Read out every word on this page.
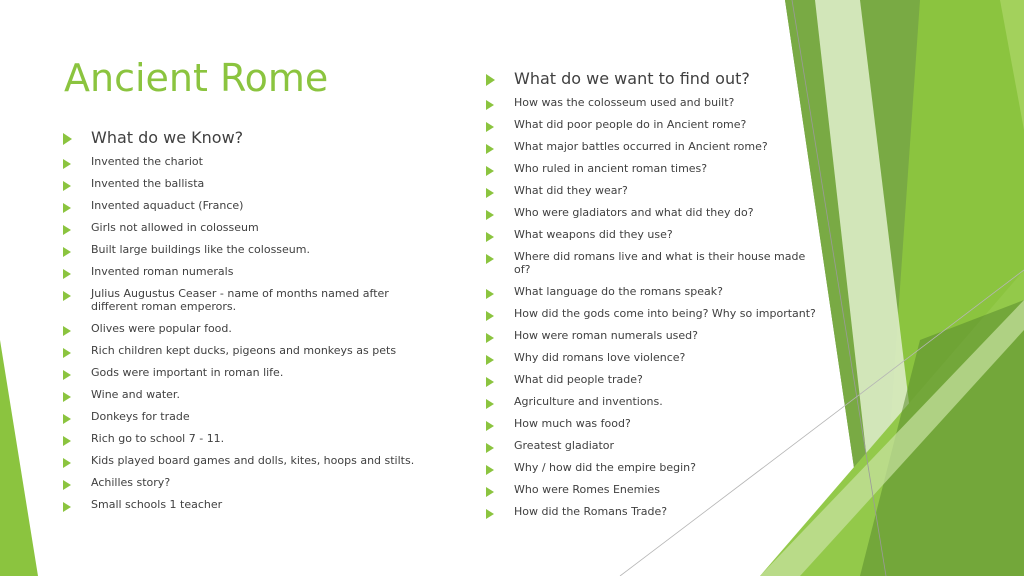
Ancient Rome
What do we Know?
Invented the chariot
Invented the ballista
Invented aquaduct (France)
Girls not allowed in colosseum
Built large buildings like the colosseum.
Invented roman numerals
Julius Augustus Ceaser - name of months named after different roman emperors.
Olives were popular food.
Rich children kept ducks, pigeons and monkeys as pets
Gods were important in roman life.
Wine and water.
Donkeys for trade
Rich go to school 7 - 11.
Kids played board games and dolls, kites, hoops and stilts.
Achilles story?
Small schools 1 teacher
What do we want to find out?
How was the colosseum used and built?
What did poor people do in Ancient rome?
What major battles occurred in Ancient rome?
Who ruled in ancient roman times?
What did they wear?
Who were gladiators and what did they do?
What weapons did they use?
Where did romans live and what is their house made of?
What language do the romans speak?
How did the gods come into being? Why so important?
How were roman numerals used?
Why did romans love violence?
What did people trade?
Agriculture and inventions.
How much was food?
Greatest gladiator
Why / how did the empire begin?
Who were Romes Enemies
How did the Romans Trade?
